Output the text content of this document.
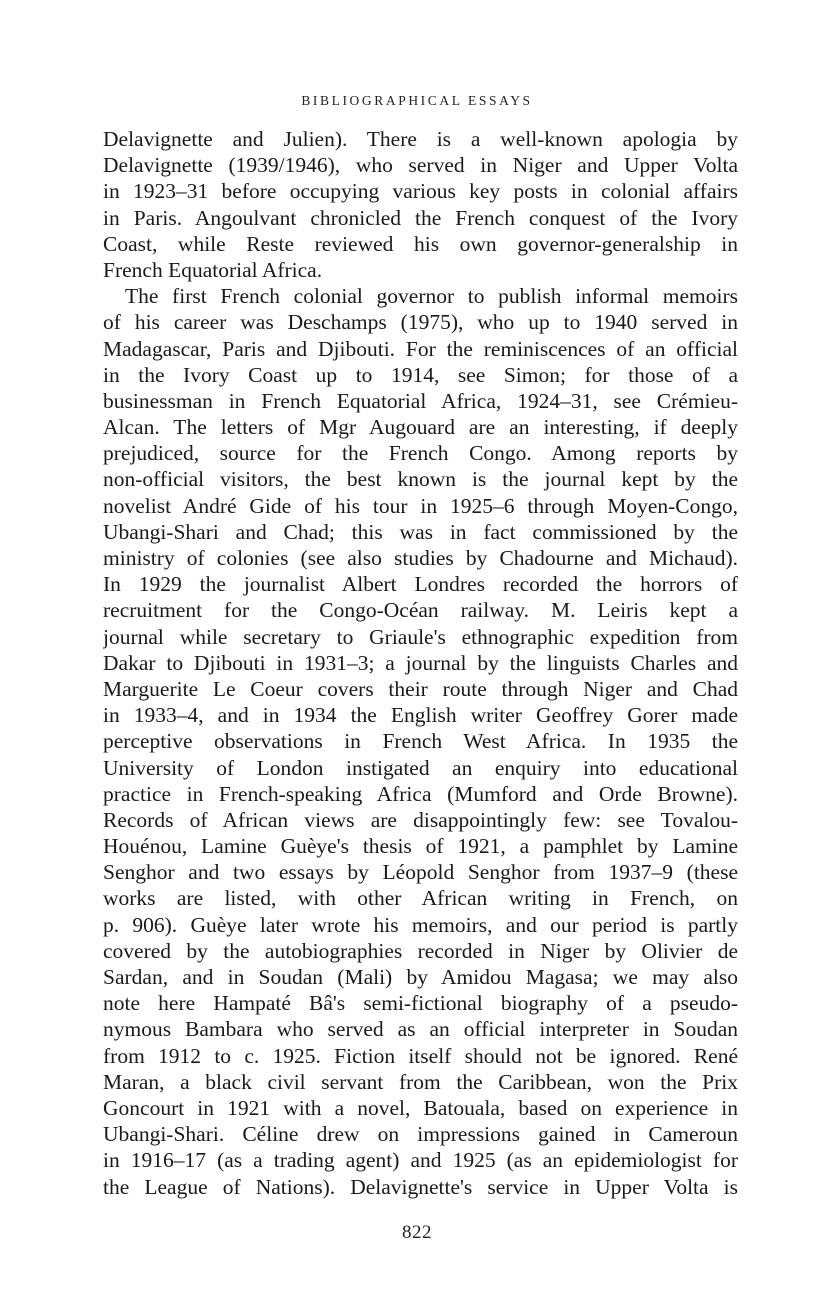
BIBLIOGRAPHICAL ESSAYS
Delavignette and Julien). There is a well-known apologia by
Delavignette (1939/1946), who served in Niger and Upper Volta
in 1923–31 before occupying various key posts in colonial affairs
in Paris. Angoulvant chronicled the French conquest of the Ivory
Coast, while Reste reviewed his own governor-generalship in
French Equatorial Africa.
The first French colonial governor to publish informal memoirs
of his career was Deschamps (1975), who up to 1940 served in
Madagascar, Paris and Djibouti. For the reminiscences of an official
in the Ivory Coast up to 1914, see Simon; for those of a
businessman in French Equatorial Africa, 1924–31, see Crémieu-
Alcan. The letters of Mgr Augouard are an interesting, if deeply
prejudiced, source for the French Congo. Among reports by
non-official visitors, the best known is the journal kept by the
novelist André Gide of his tour in 1925–6 through Moyen-Congo,
Ubangi-Shari and Chad; this was in fact commissioned by the
ministry of colonies (see also studies by Chadourne and Michaud).
In 1929 the journalist Albert Londres recorded the horrors of
recruitment for the Congo-Océan railway. M. Leiris kept a
journal while secretary to Griaule's ethnographic expedition from
Dakar to Djibouti in 1931–3; a journal by the linguists Charles and
Marguerite Le Coeur covers their route through Niger and Chad
in 1933–4, and in 1934 the English writer Geoffrey Gorer made
perceptive observations in French West Africa. In 1935 the
University of London instigated an enquiry into educational
practice in French-speaking Africa (Mumford and Orde Browne).
Records of African views are disappointingly few: see Tovalou-
Houénou, Lamine Guèye's thesis of 1921, a pamphlet by Lamine
Senghor and two essays by Léopold Senghor from 1937–9 (these
works are listed, with other African writing in French, on
p. 906). Guèye later wrote his memoirs, and our period is partly
covered by the autobiographies recorded in Niger by Olivier de
Sardan, and in Soudan (Mali) by Amidou Magasa; we may also
note here Hampaté Bâ's semi-fictional biography of a pseudo-
nymous Bambara who served as an official interpreter in Soudan
from 1912 to c. 1925. Fiction itself should not be ignored. René
Maran, a black civil servant from the Caribbean, won the Prix
Goncourt in 1921 with a novel, Batouala, based on experience in
Ubangi-Shari. Céline drew on impressions gained in Cameroun
in 1916–17 (as a trading agent) and 1925 (as an epidemiologist for
the League of Nations). Delavignette's service in Upper Volta is
822
